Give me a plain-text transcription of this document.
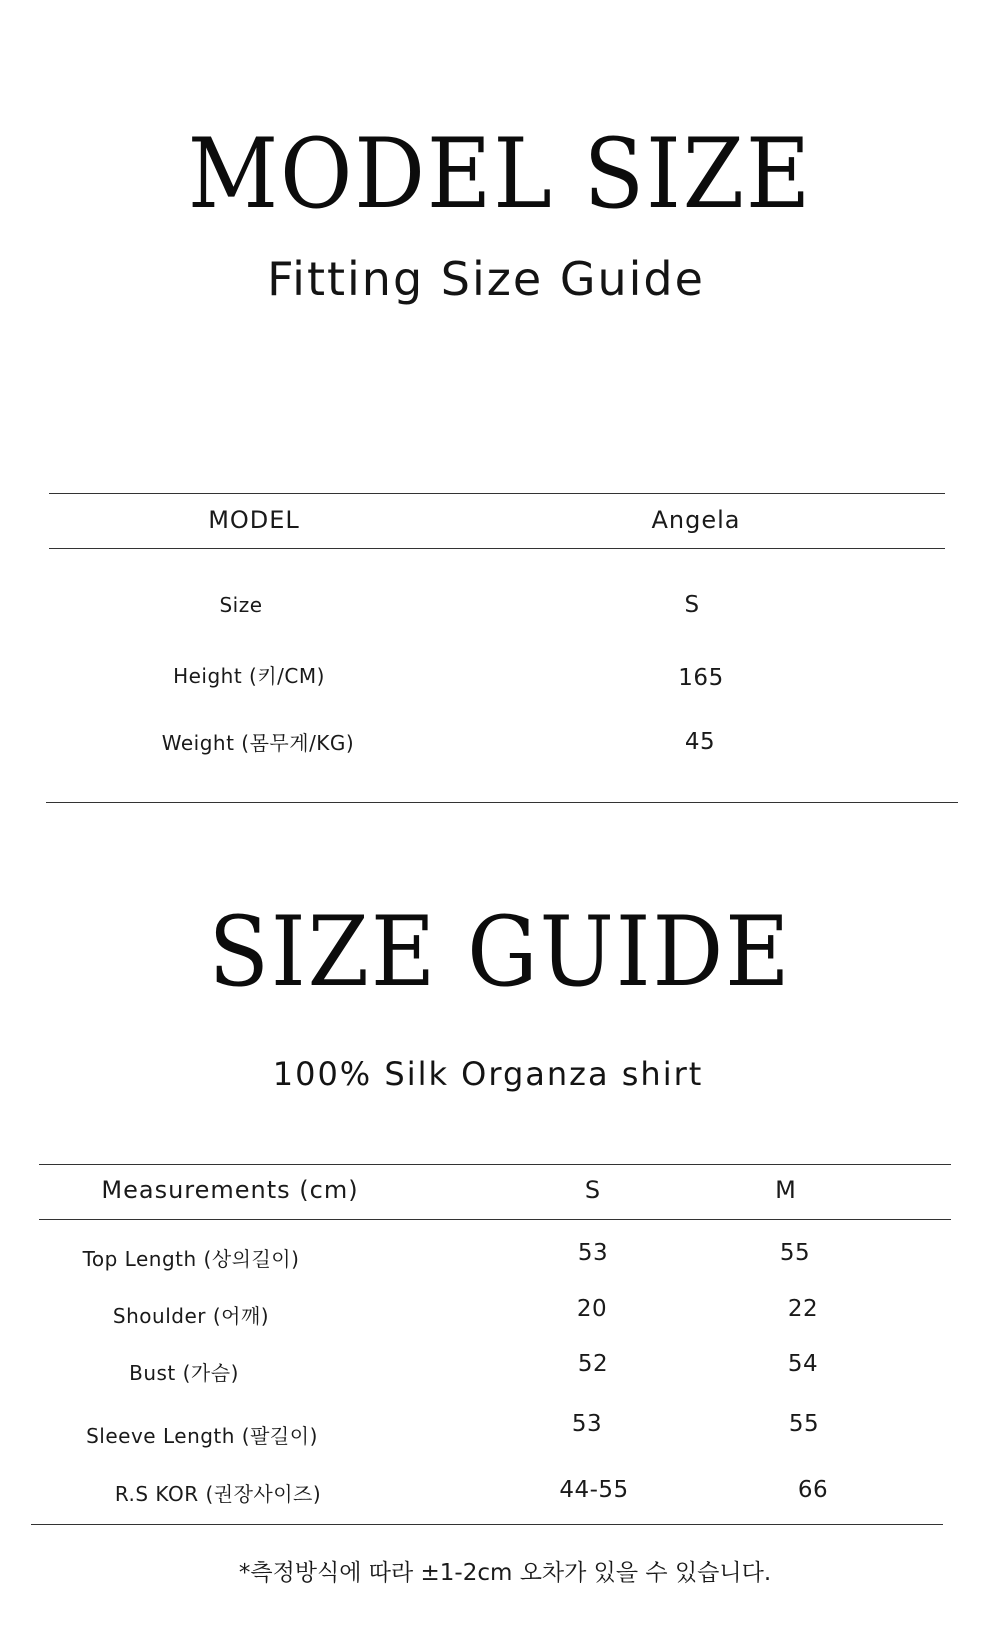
MODEL SIZE
Fitting Size Guide
MODEL	Angela
Size	S
Height (키/CM)	165
Weight (몸무게/KG)	45
SIZE GUIDE
100% Silk Organza shirt
Measurements (cm)	S	M
Top Length (상의길이)	53	55
Shoulder (어깨)	20	22
Bust (가슴)	52	54
Sleeve Length (팔길이)	53	55
R.S KOR (권장사이즈)	44-55	66
*측정방식에 따라 ±1-2cm 오차가 있을 수 있습니다.
